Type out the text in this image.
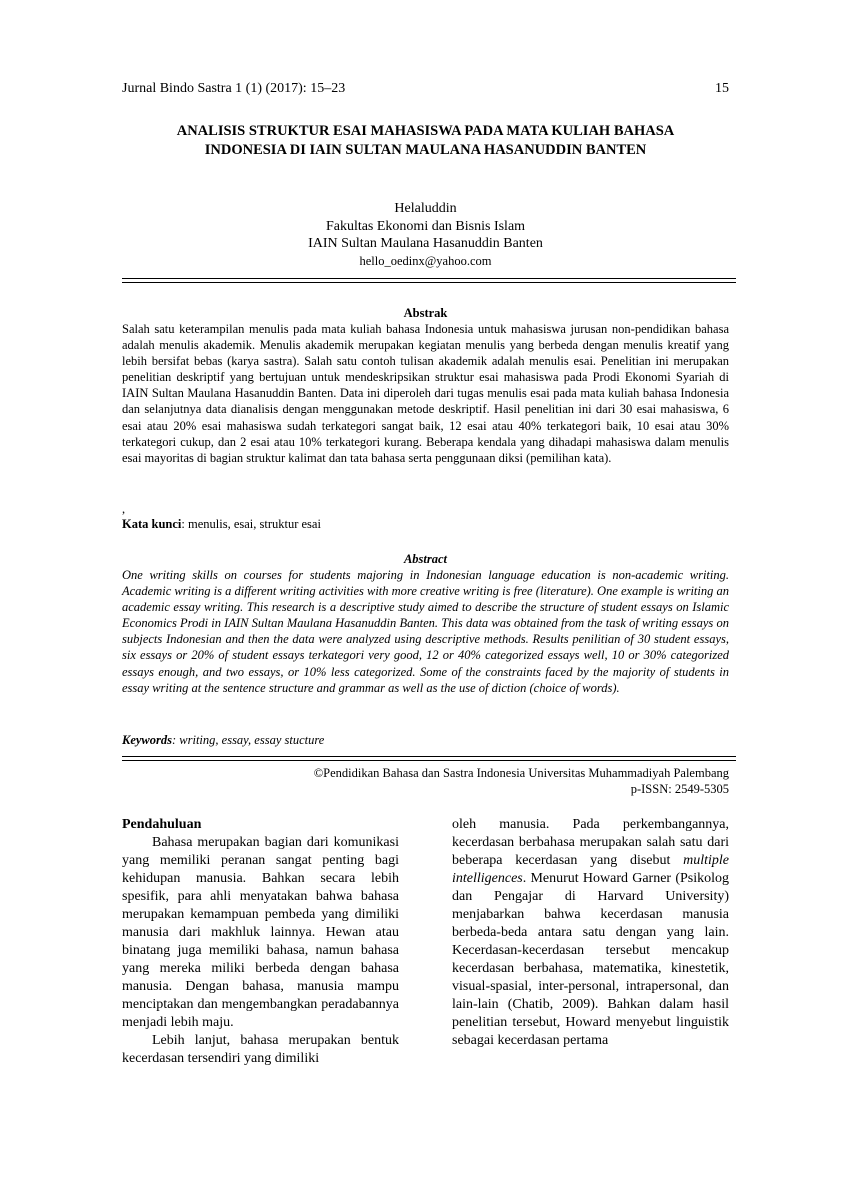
Jurnal Bindo Sastra 1 (1) (2017): 15–23	15
ANALISIS STRUKTUR ESAI MAHASISWA PADA MATA KULIAH BAHASA
INDONESIA DI IAIN SULTAN MAULANA HASANUDDIN BANTEN
Helaluddin
Fakultas Ekonomi dan Bisnis Islam
IAIN Sultan Maulana Hasanuddin Banten
hello_oedinx@yahoo.com
Abstrak
Salah satu keterampilan menulis pada mata kuliah bahasa Indonesia untuk mahasiswa jurusan non-pendidikan bahasa adalah menulis akademik. Menulis akademik merupakan kegiatan menulis yang berbeda dengan menulis kreatif yang lebih bersifat bebas (karya sastra). Salah satu contoh tulisan akademik adalah menulis esai. Penelitian ini merupakan penelitian deskriptif yang bertujuan untuk mendeskripsikan struktur esai mahasiswa pada Prodi Ekonomi Syariah di IAIN Sultan Maulana Hasanuddin Banten. Data ini diperoleh dari tugas menulis esai pada mata kuliah bahasa Indonesia dan selanjutnya data dianalisis dengan menggunakan metode deskriptif. Hasil penelitian ini dari 30 esai mahasiswa, 6 esai atau 20% esai mahasiswa sudah terkategori sangat baik, 12 esai atau 40% terkategori baik, 10 esai atau 30% terkategori cukup, dan 2 esai atau 10% terkategori kurang. Beberapa kendala yang dihadapi mahasiswa dalam menulis esai mayoritas di bagian struktur kalimat dan tata bahasa serta penggunaan diksi (pemilihan kata).
,
Kata kunci: menulis, esai, struktur esai
Abstract
One writing skills on courses for students majoring in Indonesian language education is non-academic writing. Academic writing is a different writing activities with more creative writing is free (literature). One example is writing an academic essay writing. This research is a descriptive study aimed to describe the structure of student essays on Islamic Economics Prodi in IAIN Sultan Maulana Hasanuddin Banten. This data was obtained from the task of writing essays on subjects Indonesian and then the data were analyzed using descriptive methods. Results penilitian of 30 student essays, six essays or 20% of student essays terkategori very good, 12 or 40% categorized essays well, 10 or 30% categorized essays enough, and two essays, or 10% less categorized. Some of the constraints faced by the majority of students in essay writing at the sentence structure and grammar as well as the use of diction (choice of words).
Keywords: writing, essay, essay stucture
©Pendidikan Bahasa dan Sastra Indonesia Universitas Muhammadiyah Palembang
p-ISSN: 2549-5305

Pendahuluan

Bahasa merupakan bagian dari komunikasi yang memiliki peranan sangat penting bagi kehidupan manusia. Bahkan secara lebih spesifik, para ahli menyatakan bahwa bahasa merupakan kemampuan pembeda yang dimiliki manusia dari makhluk lainnya. Hewan atau binatang juga memiliki bahasa, namun bahasa yang mereka miliki berbeda dengan bahasa manusia. Dengan bahasa, manusia mampu menciptakan dan mengembangkan peradabannya menjadi lebih maju.

Lebih lanjut, bahasa merupakan bentuk kecerdasan tersendiri yang dimiliki

oleh manusia. Pada perkembangannya, kecerdasan berbahasa merupakan salah satu dari beberapa kecerdasan yang disebut multiple intelligences. Menurut Howard Garner (Psikolog dan Pengajar di Harvard University) menjabarkan bahwa kecerdasan manusia berbeda-beda antara satu dengan yang lain. Kecerdasan-kecerdasan tersebut mencakup kecerdasan berbahasa, matematika, kinestetik, visual-spasial, inter-personal, intrapersonal, dan lain-lain (Chatib, 2009). Bahkan dalam hasil penelitian tersebut, Howard menyebut linguistik sebagai kecerdasan pertama
